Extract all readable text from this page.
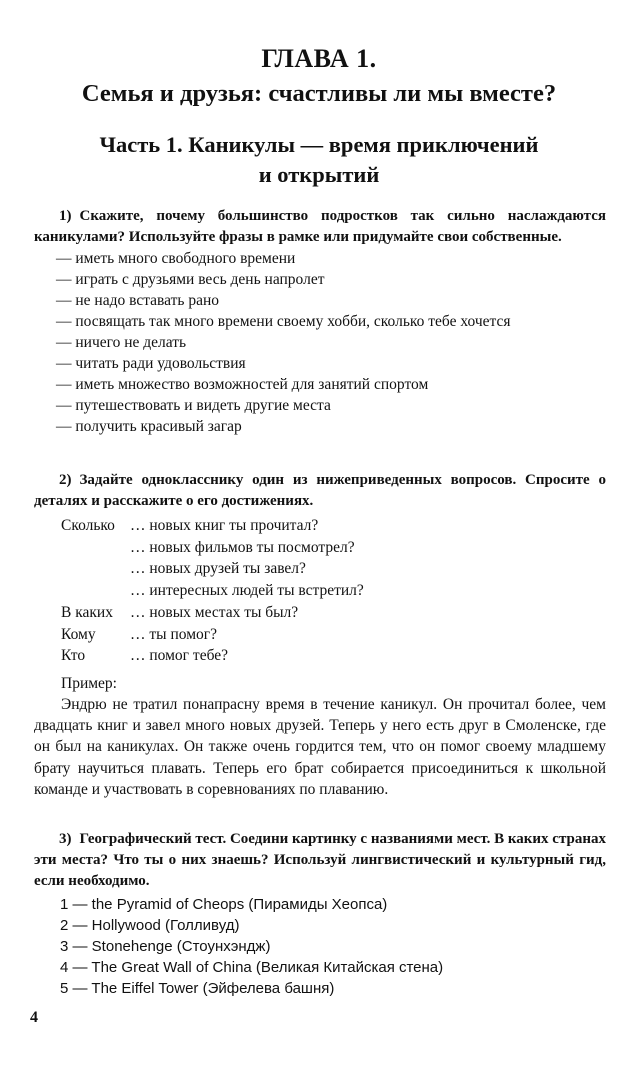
ГЛАВА 1.
Семья и друзья: счастливы ли мы вместе?
Часть 1. Каникулы — время приключений
и открытий
1) Скажите, почему большинство подростков так сильно наслаждаются каникулами? Используйте фразы в рамке или придумайте свои собственные.
— иметь много свободного времени
— играть с друзьями весь день напролет
— не надо вставать рано
— посвящать так много времени своему хобби, сколько тебе хочется
— ничего не делать
— читать ради удовольствия
— иметь множество возможностей для занятий спортом
— путешествовать и видеть другие места
— получить красивый загар
2) Задайте однокласснику один из нижеприведенных вопросов. Спросите о деталях и расскажите о его достижениях.
Сколько … новых книг ты прочитал?
… новых фильмов ты посмотрел?
… новых друзей ты завел?
… интересных людей ты встретил?
В каких	… новых местах ты был?
Кому	… ты помог?
Кто	… помог тебе?
Пример:
Эндрю не тратил понапрасну время в течение каникул. Он прочитал более, чем двадцать книг и завел много новых друзей. Теперь у него есть друг в Смоленске, где он был на каникулах. Он также очень гордится тем, что он помог своему младшему брату научиться плавать. Теперь его брат собирается присоединиться к школьной команде и участвовать в соревнованиях по плаванию.
3) Географический тест. Соедини картинку с названиями мест. В каких странах эти места? Что ты о них знаешь? Используй лингвистический и культурный гид, если необходимо.
1 — the Pyramid of Cheops (Пирамиды Хеопса)
2 — Hollywood (Голливуд)
3 — Stonehenge (Стоунхэндж)
4 — The Great Wall of China (Великая Китайская стена)
5 — The Eiffel Tower (Эйфелева башня)
4
